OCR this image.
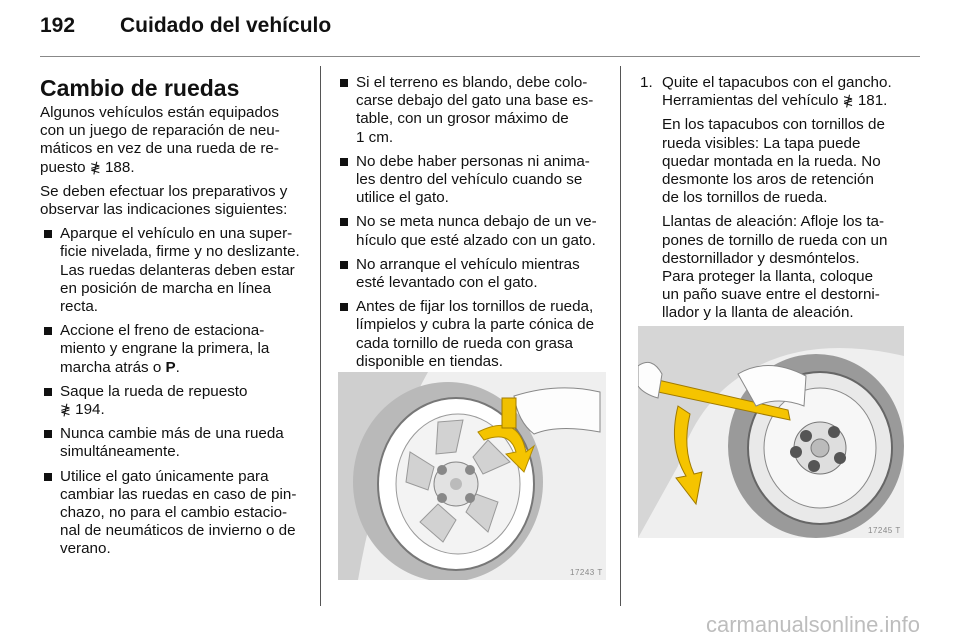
192 Cuidado del vehículo
Cambio de ruedas

Algunos vehículos están equipados
con un juego de reparación de neu-
máticos en vez de una rueda de re-
puesto ≹ 188.

Se deben efectuar los preparativos y
observar las indicaciones siguientes:

Aparque el vehículo en una super-
ficie nivelada, firme y no deslizante.
Las ruedas delanteras deben estar
en posición de marcha en línea
recta.
Accione el freno de estaciona-
miento y engrane la primera, la
marcha atrás o P.
Saque la rueda de repuesto
≹ 194.
Nunca cambie más de una rueda
simultáneamente.
Utilice el gato únicamente para
cambiar las ruedas en caso de pin-
chazo, no para el cambio estacio-
nal de neumáticos de invierno o de
verano.
Si el terreno es blando, debe colo-
carse debajo del gato una base es-
table, con un grosor máximo de
1 cm.
No debe haber personas ni anima-
les dentro del vehículo cuando se
utilice el gato.
No se meta nunca debajo de un ve-
hículo que esté alzado con un gato.
No arranque el vehículo mientras
esté levantado con el gato.
Antes de fijar los tornillos de rueda,
límpielos y cubra la parte cónica de
cada tornillo de rueda con grasa
disponible en tiendas.
17243 T
1. Quite el tapacubos con el gancho.
Herramientas del vehículo ≹ 181.

En los tapacubos con tornillos de
rueda visibles: La tapa puede
quedar montada en la rueda. No
desmonte los aros de retención
de los tornillos de rueda.

Llantas de aleación: Afloje los ta-
pones de tornillo de rueda con un
destornillador y desmóntelos.
Para proteger la llanta, coloque
un paño suave entre el destorni-
llador y la llanta de aleación.

17245 T
carmanualsonline.info
